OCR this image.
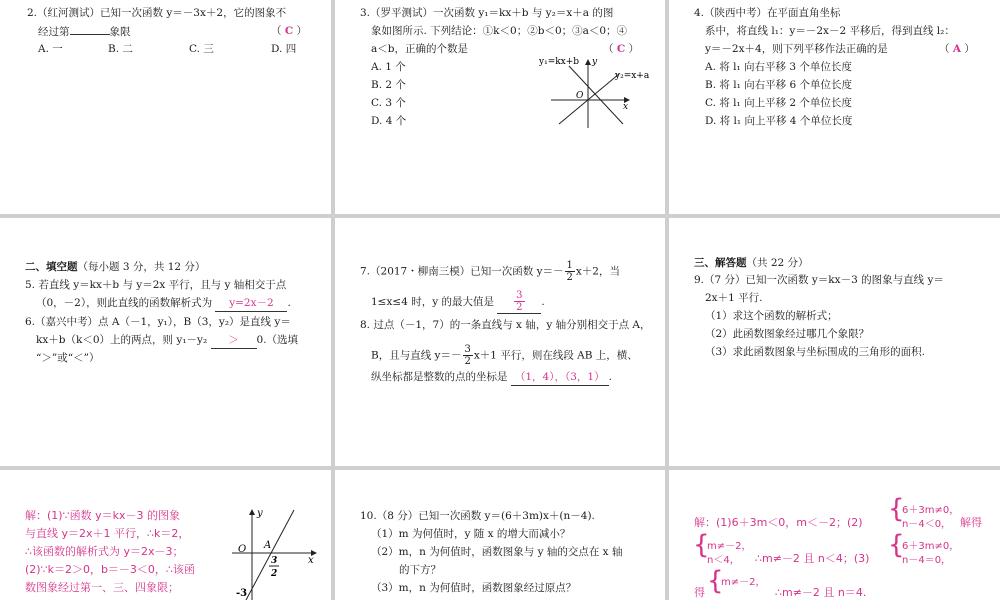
2.（红河测试）已知一次函数 y＝－3x＋2，它的图象不
经过第	象限	（ C ）
A. 一	B. 二	C. 三	D. 四
3.（罗平测试）一次函数 y₁＝kx＋b 与 y₂＝x＋a 的图
象如图所示. 下列结论：①k＜0；②b＜0；③a＜0；④
a＜b，正确的个数是	（ C ）
A. 1 个
B. 2 个
C. 3 个
D. 4 个
y₁=kx+b y
y₂=x+a
O
x
4.（陕西中考）在平面直角坐标
系中，将直线 l₁：y＝－2x－2 平移后，得到直线 l₂：
y＝－2x＋4，则下列平移作法正确的是	（ A ）
A. 将 l₁ 向右平移 3 个单位长度
B. 将 l₁ 向右平移 6 个单位长度
C. 将 l₁ 向上平移 2 个单位长度
D. 将 l₁ 向上平移 4 个单位长度
二、填空题（每小题 3 分，共 12 分）
5. 若直线 y＝kx＋b 与 y＝2x 平行，且与 y 轴相交于点
（0，－2），则此直线的函数解析式为 y=2x－2 .
6.（嘉兴中考）点 A（－1，y₁），B（3，y₂）是直线 y＝
kx＋b（k＜0）上的两点，则 y₁－y₂ ＞ 0.（选填
“＞”或“＜”）
7.（2017・柳南三模）已知一次函数 $y=- \frac{1}{2} x+2$，当
1≤x≤4 时，y 的最大值是 $\frac{3}{2}$ .
8. 过点（－1，7）的一条直线与 x 轴，y 轴分别相交于点 A，
B，且与直线 $y=- \frac{3}{2} x+1$ 平行，则在线段 AB 上，横、
纵坐标都是整数的点的坐标是 （1，4），（3，1） .
三、解答题（共 22 分）
9.（7 分）已知一次函数 y＝kx－3 的图象与直线 y＝
2x＋1 平行.
（1）求这个函数的解析式；
（2）此函数图象经过哪几个象限？
（3）求此函数图象与坐标围成的三角形的面积.
解：(1)∵函数 y＝kx－3 的图象
与直线 y＝2x＋1 平行，∴k＝2，
∴该函数的解析式为 y＝2x－3；
(2)∵k＝2＞0，b＝－3＜0，∴该函
数图象经过第一、三、四象限；
y
A
O
3
2
x
-3
10.（8 分）已知一次函数 y＝(6＋3m)x＋(n－4).
（1）m 为何值时，y 随 x 的增大而减小？
（2）m，n 为何值时，函数图象与 y 轴的交点在 x 轴
的下方？
（3）m，n 为何值时，函数图象经过原点？
解：(1)6＋3m＜0，m＜－2；(2) {
6＋3m≠0，
n－4＜0， 解得
{
m≠－2，
n＜4，	∴m≠－2 且 n＜4；(3) {
6＋3m≠0，
n－4＝0，
得 {
m≠－2，
∴m≠－2 且 n＝4.
